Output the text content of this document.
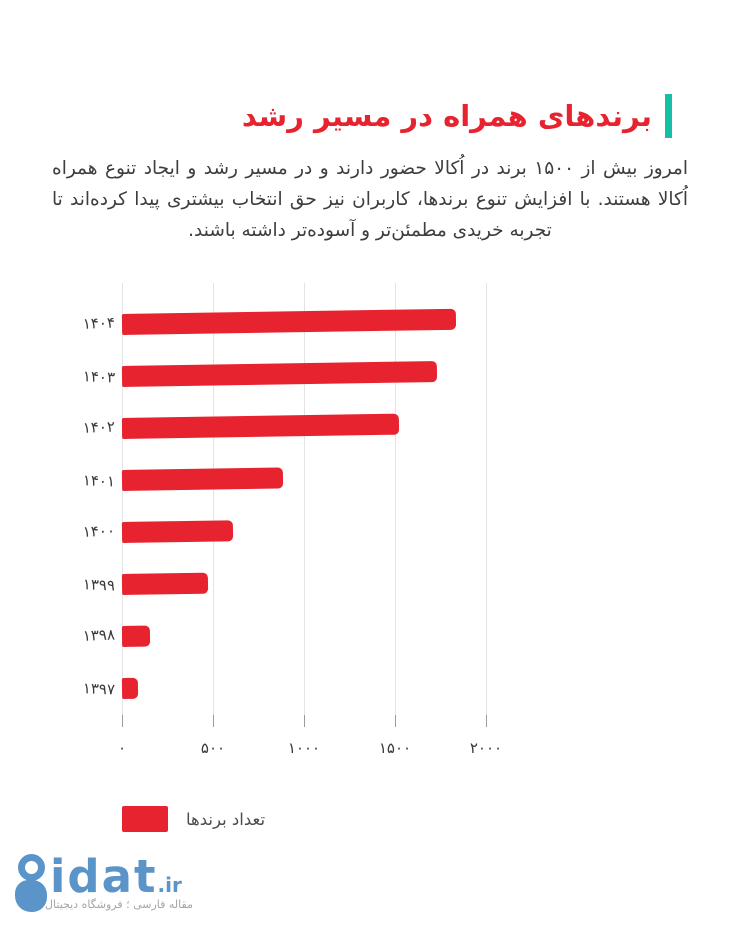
برندهای همراه در مسیر رشد

امروز بیش از ۱۵۰۰ برند در اُکالا حضور دارند و در مسیر رشد و ایجاد تنوع همراه اُکالا هستند. با افزایش تنوع برندها، کاربران نیز حق انتخاب بیشتری پیدا کرده‌اند تا تجربه خریدی مطمئن‌تر و آسوده‌تر داشته باشند.

۰	۵۰۰	۱۰۰۰	۱۵۰۰	۲۰۰۰
۱۴۰۴
۱۴۰۳
۱۴۰۲
۱۴۰۱
۱۴۰۰
۱۳۹۹
۱۳۹۸
۱۳۹۷
تعداد برندها
idat.ir
مقاله فارسی ؛ فروشگاه دیجیتال
